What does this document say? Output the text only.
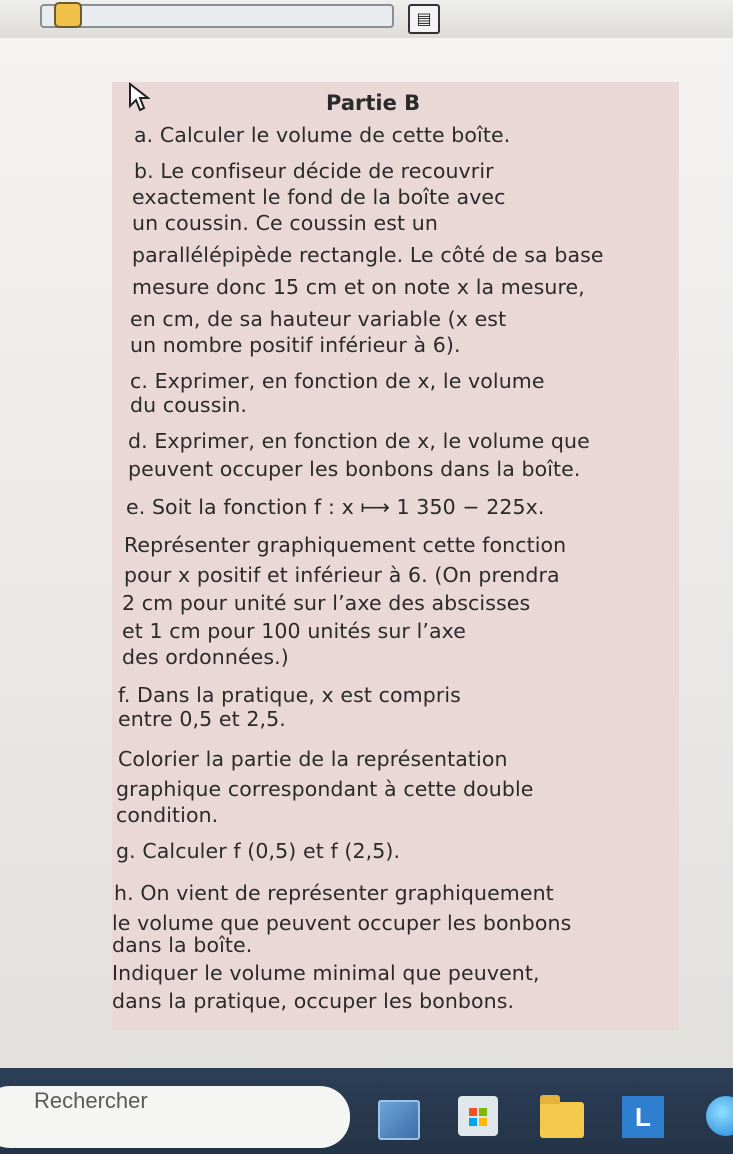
▤
Partie B
a. Calculer le volume de cette boîte.
b. Le confiseur décide de recouvrir
exactement le fond de la boîte avec
un coussin. Ce coussin est un
parallélépipède rectangle. Le côté de sa base
mesure donc 15 cm et on note x la mesure,
en cm, de sa hauteur variable (x est
un nombre positif inférieur à 6).
c. Exprimer, en fonction de x, le volume
du coussin.
d. Exprimer, en fonction de x, le volume que
peuvent occuper les bonbons dans la boîte.
e. Soit la fonction f : x ⟼ 1 350 − 225x.
Représenter graphiquement cette fonction
pour x positif et inférieur à 6. (On prendra
2 cm pour unité sur l’axe des abscisses
et 1 cm pour 100 unités sur l’axe
des ordonnées.)
f. Dans la pratique, x est compris
entre 0,5 et 2,5.
Colorier la partie de la représentation
graphique correspondant à cette double
condition.
g. Calculer f (0,5) et f (2,5).
h. On vient de représenter graphiquement
le volume que peuvent occuper les bonbons
dans la boîte.
Indiquer le volume minimal que peuvent,
dans la pratique, occuper les bonbons.
Rechercher
L
